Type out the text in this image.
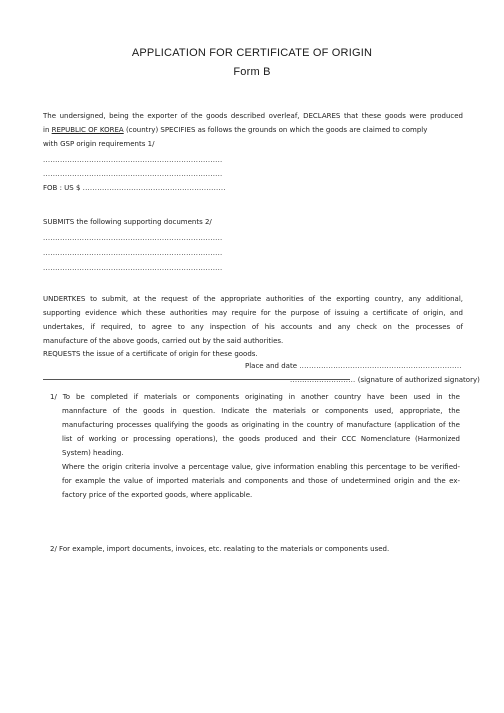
APPLICATION FOR CERTIFICATE OF ORIGIN
Form B
The undersigned, being the exporter of the goods described overleaf, DECLARES that these goods were produced
in REPUBLIC OF KOREA (country) SPECIFIES as follows the grounds on which the goods are claimed to comply
with GSP origin requirements 1/
..........................................................................
..........................................................................
FOB : US $ ...........................................................
SUBMITS the following supporting documents 2/
..........................................................................
..........................................................................
..........................................................................
UNDERTKES to submit, at the request of the appropriate authorities of the exporting country, any additional,
supporting evidence which these authorities may require for the purpose of issuing a certificate of origin, and
undertakes, if required, to agree to any inspection of his accounts and any check on the processes of
manufacture of the above goods, carried out by the said authorities.
REQUESTS the issue of a certificate of origin for these goods.
Place and date ...................................................................
........................... (signature of authorized signatory)
1/ To be completed if materials or components originating in another country have been used in the
mannfacture of the goods in question. Indicate the materials or components used, appropriate, the
manufacturing processes qualifying the goods as originating in the country of manufacture (application of the
list of working or processing operations), the goods produced and their CCC Nomenclature (Harmonized
System) heading.
Where the origin criteria involve a percentage value, give information enabling this percentage to be verified-
for example the value of imported materials and components and those of undetermined origin and the ex-
factory price of the exported goods, where applicable.
2/ For example, import documents, invoices, etc. realating to the materials or components used.
